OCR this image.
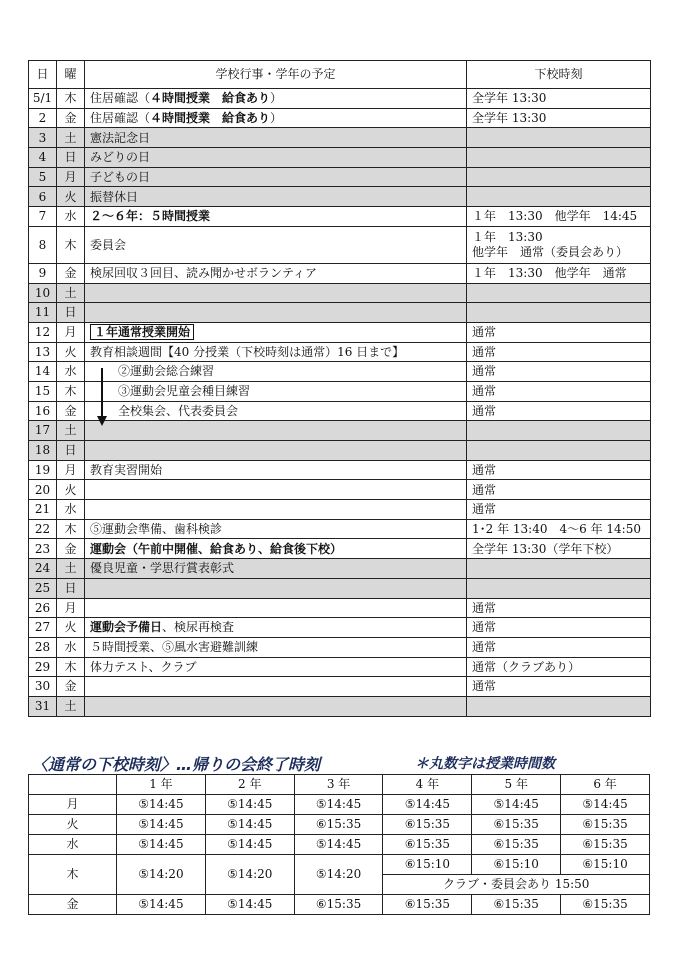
日	曜	学校行事・学年の予定	下校時刻
5/1	木	住居確認（４時間授業　給食あり）	全学年 13:30

2	金	住居確認（４時間授業　給食あり）	全学年 13:30

3	土	憲法記念日	

4	日	みどりの日	

5	月	子どもの日	

6	火	振替休日	

7	水	２～６年：５時間授業	１年　13:30　他学年　14:45

8	木	委員会	１年　13:30
他学年　通常（委員会あり）

9	金	検尿回収３回目、読み聞かせボランティア	１年　13:30　他学年　通常

10	土		

11	日		

12	月	１年通常授業開始	通常

13	火	教育相談週間【40 分授業（下校時刻は通常）16 日まで】	通常

14	水	②運動会総合練習	通常

15	木	③運動会児童会種目練習	通常

16	金	全校集会、代表委員会	通常

17	土		

18	日		

19	月	教育実習開始	通常

20	火		通常

21	水		通常

22	木	⑤運動会準備、歯科検診	1･2 年 13:40　4～6 年 14:50

23	金	運動会（午前中開催、給食あり、給食後下校）	全学年 13:30（学年下校）

24	土	優良児童・学思行賞表彰式	

25	日		

26	月		通常

27	火	運動会予備日、検尿再検査	通常

28	水	５時間授業、⑤風水害避難訓練	通常

29	木	体力テスト、クラブ	通常（クラブあり）

30	金		通常

31	土		
〈通常の下校時刻〉…帰りの会終了時刻	＊丸数字は授業時間数
	1 年	2 年	3 年	4 年	5 年	6 年
月	⑤14:45	⑤14:45	⑤14:45	⑤14:45	⑤14:45	⑤14:45
火	⑤14:45	⑤14:45	⑥15:35	⑥15:35	⑥15:35	⑥15:35
水	⑤14:45	⑤14:45	⑤14:45	⑥15:35	⑥15:35	⑥15:35
木	⑤14:20	⑤14:20	⑤14:20	⑥15:10	⑥15:10	⑥15:10
				クラブ・委員会あり 15:50		
金	⑤14:45	⑤14:45	⑥15:35	⑥15:35	⑥15:35	⑥15:35
